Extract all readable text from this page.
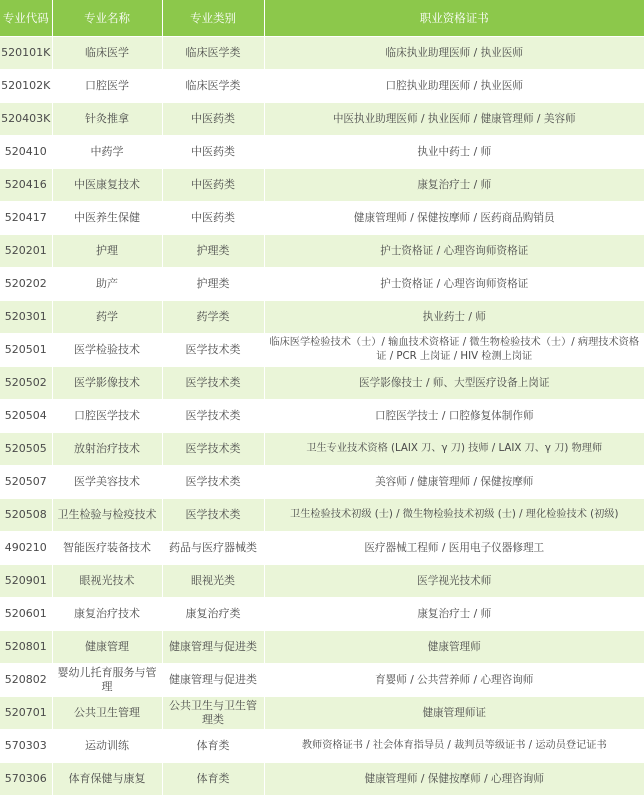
专业代码	专业名称	专业类别	职业资格证书
520101K	临床医学	临床医学类	临床执业助理医师 / 执业医师
520102K	口腔医学	临床医学类	口腔执业助理医师 / 执业医师
520403K	针灸推拿	中医药类	中医执业助理医师 / 执业医师 / 健康管理师 / 美容师
520410	中药学	中医药类	执业中药士 / 师
520416	中医康复技术	中医药类	康复治疗士 / 师
520417	中医养生保健	中医药类	健康管理师 / 保健按摩师 / 医药商品购销员
520201	护理	护理类	护士资格证 / 心理咨询师资格证
520202	助产	护理类	护士资格证 / 心理咨询师资格证
520301	药学	药学类	执业药士 / 师
520501	医学检验技术	医学技术类	临床医学检验技术（士）/ 输血技术资格证 / 微生物检验技术（士）/ 病理技术资格证 / PCR 上岗证 / HIV 检测上岗证
520502	医学影像技术	医学技术类	医学影像技士 / 师、大型医疗设备上岗证
520504	口腔医学技术	医学技术类	口腔医学技士 / 口腔修复体制作师
520505	放射治疗技术	医学技术类	卫生专业技术资格 (LAIX 刀、γ 刀) 技师 / LAIX 刀、γ 刀) 物理师
520507	医学美容技术	医学技术类	美容师 / 健康管理师 / 保健按摩师
520508	卫生检验与检疫技术	医学技术类	卫生检验技术初级 (士) / 微生物检验技术初级 (士) / 理化检验技术 (初级)
490210	智能医疗装备技术	药品与医疗器械类	医疗器械工程师 / 医用电子仪器修理工
520901	眼视光技术	眼视光类	医学视光技术师
520601	康复治疗技术	康复治疗类	康复治疗士 / 师
520801	健康管理	健康管理与促进类	健康管理师
520802	婴幼儿托育服务与管理	健康管理与促进类	育婴师 / 公共营养师 / 心理咨询师
520701	公共卫生管理	公共卫生与卫生管理类	健康管理师证
570303	运动训练	体育类	教师资格证书 / 社会体育指导员 / 裁判员等级证书 / 运动员登记证书
570306	体育保健与康复	体育类	健康管理师 / 保健按摩师 / 心理咨询师
